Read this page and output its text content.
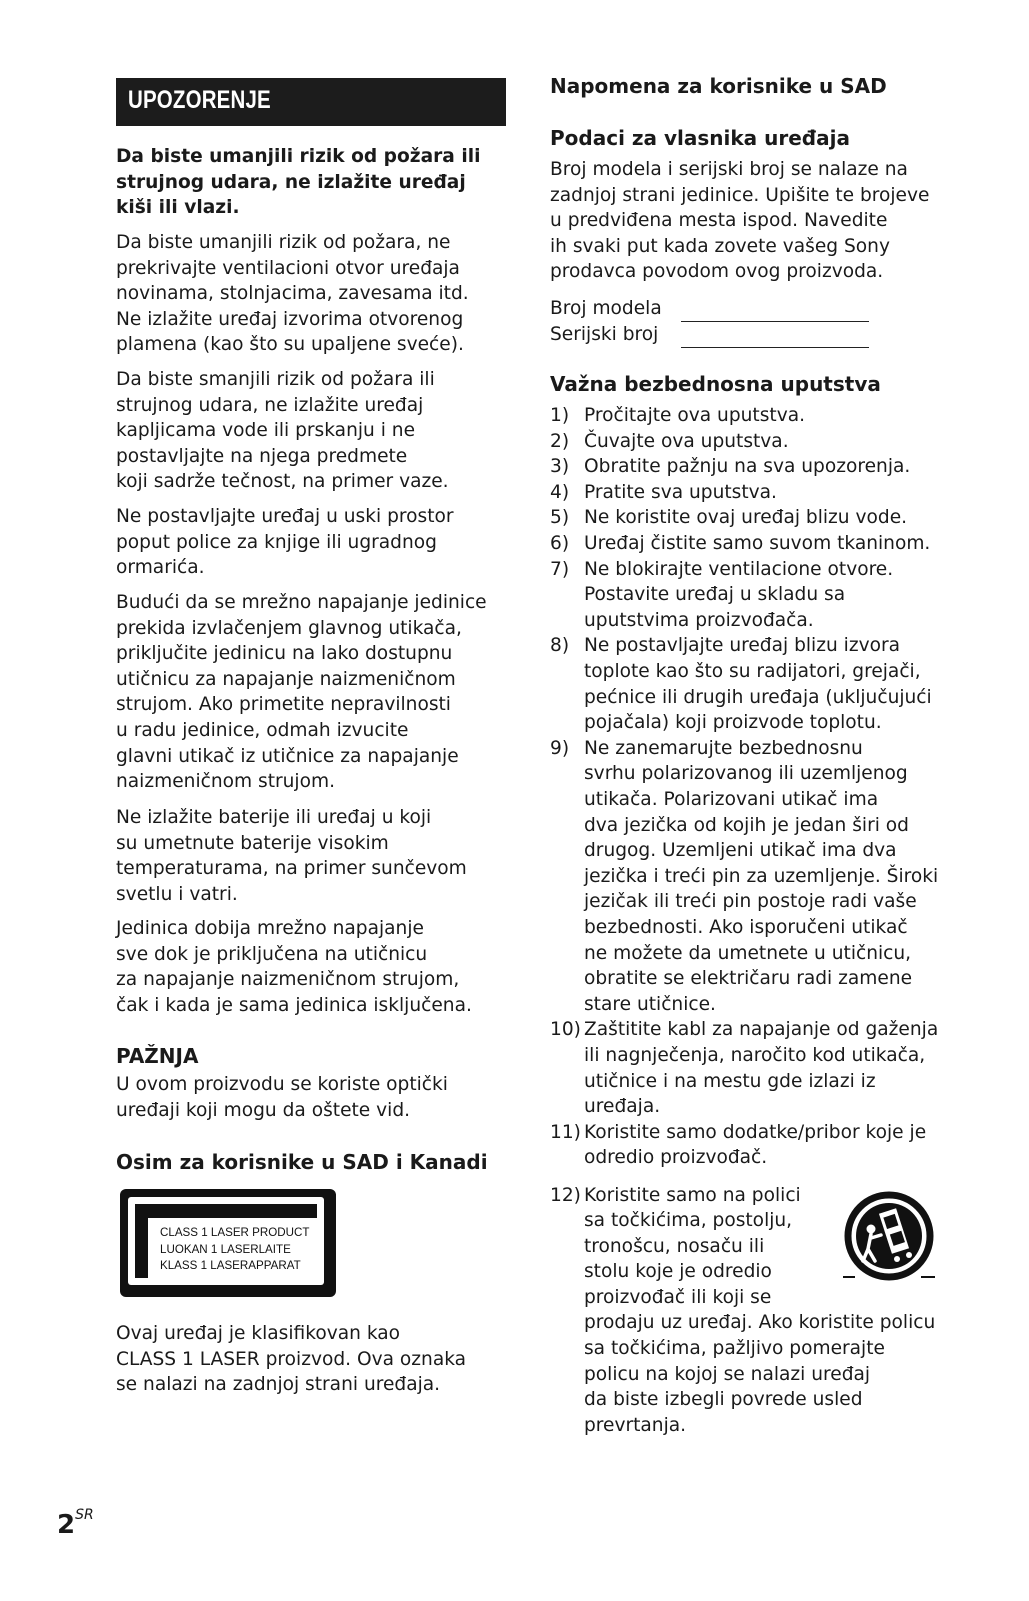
UPOZORENJE
Da biste umanjili rizik od požara ili
strujnog udara, ne izlažite uređaj
kiši ili vlazi.
Da biste umanjili rizik od požara, ne
prekrivajte ventilacioni otvor uređaja
novinama, stolnjacima, zavesama itd.
Ne izlažite uređaj izvorima otvorenog
plamena (kao što su upaljene sveće).
Da biste smanjili rizik od požara ili
strujnog udara, ne izlažite uređaj
kapljicama vode ili prskanju i ne
postavljajte na njega predmete
koji sadrže tečnost, na primer vaze.
Ne postavljajte uređaj u uski prostor
poput police za knjige ili ugradnog
ormarića.
Budući da se mrežno napajanje jedinice
prekida izvlačenjem glavnog utikača,
priključite jedinicu na lako dostupnu
utičnicu za napajanje naizmeničnom
strujom. Ako primetite nepravilnosti
u radu jedinice, odmah izvucite
glavni utikač iz utičnice za napajanje
naizmeničnom strujom.
Ne izlažite baterije ili uređaj u koji
su umetnute baterije visokim
temperaturama, na primer sunčevom
svetlu i vatri.
Jedinica dobija mrežno napajanje
sve dok je priključena na utičnicu
za napajanje naizmeničnom strujom,
čak i kada je sama jedinica isključena.
PAŽNJA
U ovom proizvodu se koriste optički
uređaji koji mogu da oštete vid.
Osim za korisnike u SAD i Kanadi
CLASS 1 LASER PRODUCT
LUOKAN 1 LASERLAITE
KLASS 1 LASERAPPARAT
Ovaj uređaj je klasifikovan kao
CLASS 1 LASER proizvod. Ova oznaka
se nalazi na zadnjoj strani uređaja.
Napomena za korisnike u SAD
Podaci za vlasnika uređaja
Broj modela i serijski broj se nalaze na
zadnjoj strani jedinice. Upišite te brojeve
u predviđena mesta ispod. Navedite
ih svaki put kada zovete vašeg Sony
prodavca povodom ovog proizvoda.
Broj modela
Serijski broj
Važna bezbednosna uputstva
1) Pročitajte ova uputstva.
2) Čuvajte ova uputstva.
3) Obratite pažnju na sva upozorenja.
4) Pratite sva uputstva.
5) Ne koristite ovaj uređaj blizu vode.
6) Uređaj čistite samo suvom tkaninom.
7) Ne blokirajte ventilacione otvore.
Postavite uređaj u skladu sa
uputstvima proizvođača.
8) Ne postavljajte uređaj blizu izvora
toplote kao što su radijatori, grejači,
pećnice ili drugih uređaja (uključujući
pojačala) koji proizvode toplotu.
9) Ne zanemarujte bezbednosnu
svrhu polarizovanog ili uzemljenog
utikača. Polarizovani utikač ima
dva jezička od kojih je jedan širi od
drugog. Uzemljeni utikač ima dva
jezička i treći pin za uzemljenje. Široki
jezičak ili treći pin postoje radi vaše
bezbednosti. Ako isporučeni utikač
ne možete da umetnete u utičnicu,
obratite se električaru radi zamene
stare utičnice.
10) Zaštitite kabl za napajanje od gaženja
ili nagnječenja, naročito kod utikača,
utičnice i na mestu gde izlazi iz
uređaja.
11) Koristite samo dodatke/pribor koje je
odredio proizvođač.
12) Koristite samo na polici
sa točkićima, postolju,
tronošcu, nosaču ili
stolu koje je odredio
proizvođač ili koji se
prodaju uz uređaj. Ako koristite policu
sa točkićima, pažljivo pomerajte
policu na kojoj se nalazi uređaj
da biste izbegli povrede usled
prevrtanja.
$2^{SR}$
